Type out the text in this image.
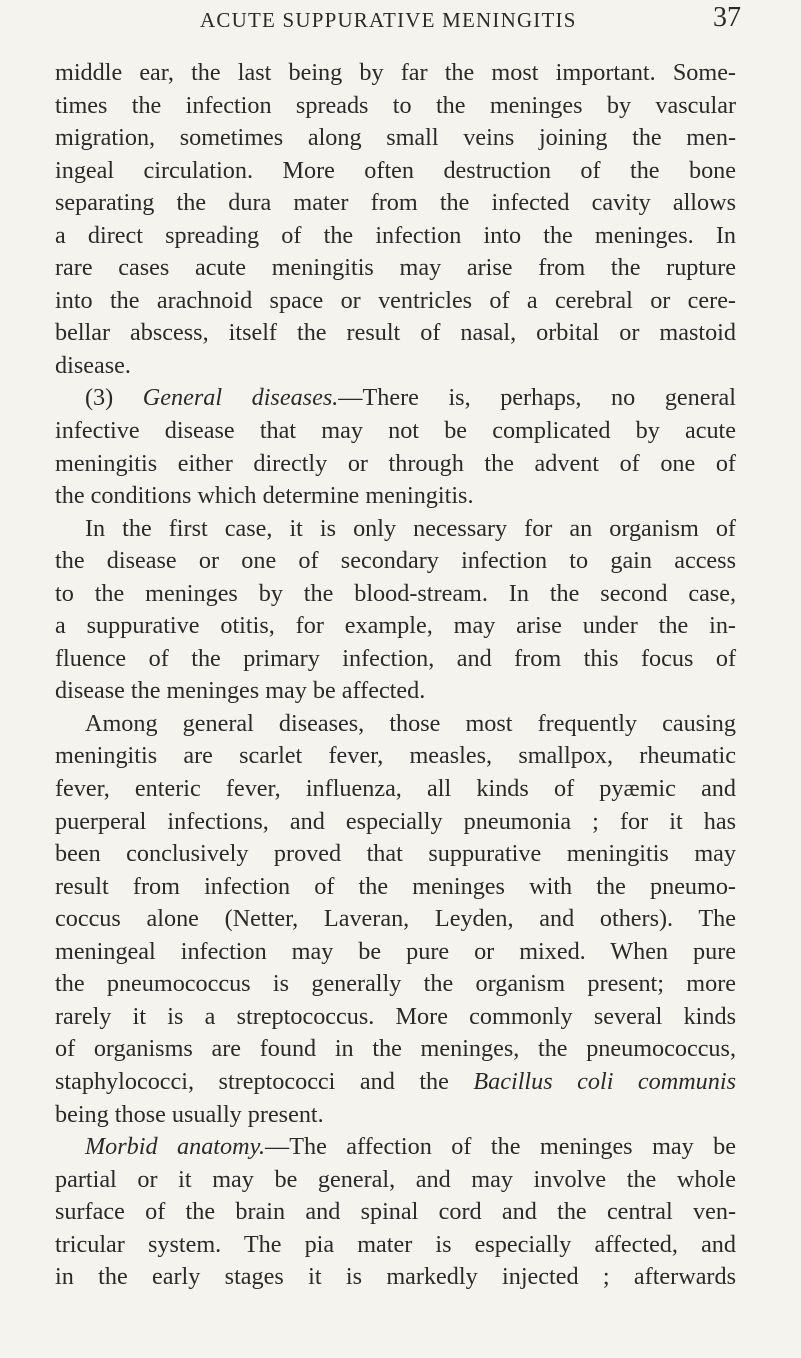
ACUTE SUPPURATIVE MENINGITIS	37
middle ear, the last being by far the most important. Some-
times the infection spreads to the meninges by vascular
migration, sometimes along small veins joining the men-
ingeal circulation. More often destruction of the bone
separating the dura mater from the infected cavity allows
a direct spreading of the infection into the meninges. In
rare cases acute meningitis may arise from the rupture
into the arachnoid space or ventricles of a cerebral or cere-
bellar abscess, itself the result of nasal, orbital or mastoid
disease.
(3) General diseases.—There is, perhaps, no general
infective disease that may not be complicated by acute
meningitis either directly or through the advent of one of
the conditions which determine meningitis.
In the first case, it is only necessary for an organism of
the disease or one of secondary infection to gain access
to the meninges by the blood-stream. In the second case,
a suppurative otitis, for example, may arise under the in-
fluence of the primary infection, and from this focus of
disease the meninges may be affected.
Among general diseases, those most frequently causing
meningitis are scarlet fever, measles, smallpox, rheumatic
fever, enteric fever, influenza, all kinds of pyæmic and
puerperal infections, and especially pneumonia ; for it has
been conclusively proved that suppurative meningitis may
result from infection of the meninges with the pneumo-
coccus alone (Netter, Laveran, Leyden, and others). The
meningeal infection may be pure or mixed. When pure
the pneumococcus is generally the organism present; more
rarely it is a streptococcus. More commonly several kinds
of organisms are found in the meninges, the pneumococcus,
staphylococci, streptococci and the Bacillus coli communis
being those usually present.
Morbid anatomy.—The affection of the meninges may be
partial or it may be general, and may involve the whole
surface of the brain and spinal cord and the central ven-
tricular system. The pia mater is especially affected, and
in the early stages it is markedly injected ; afterwards
